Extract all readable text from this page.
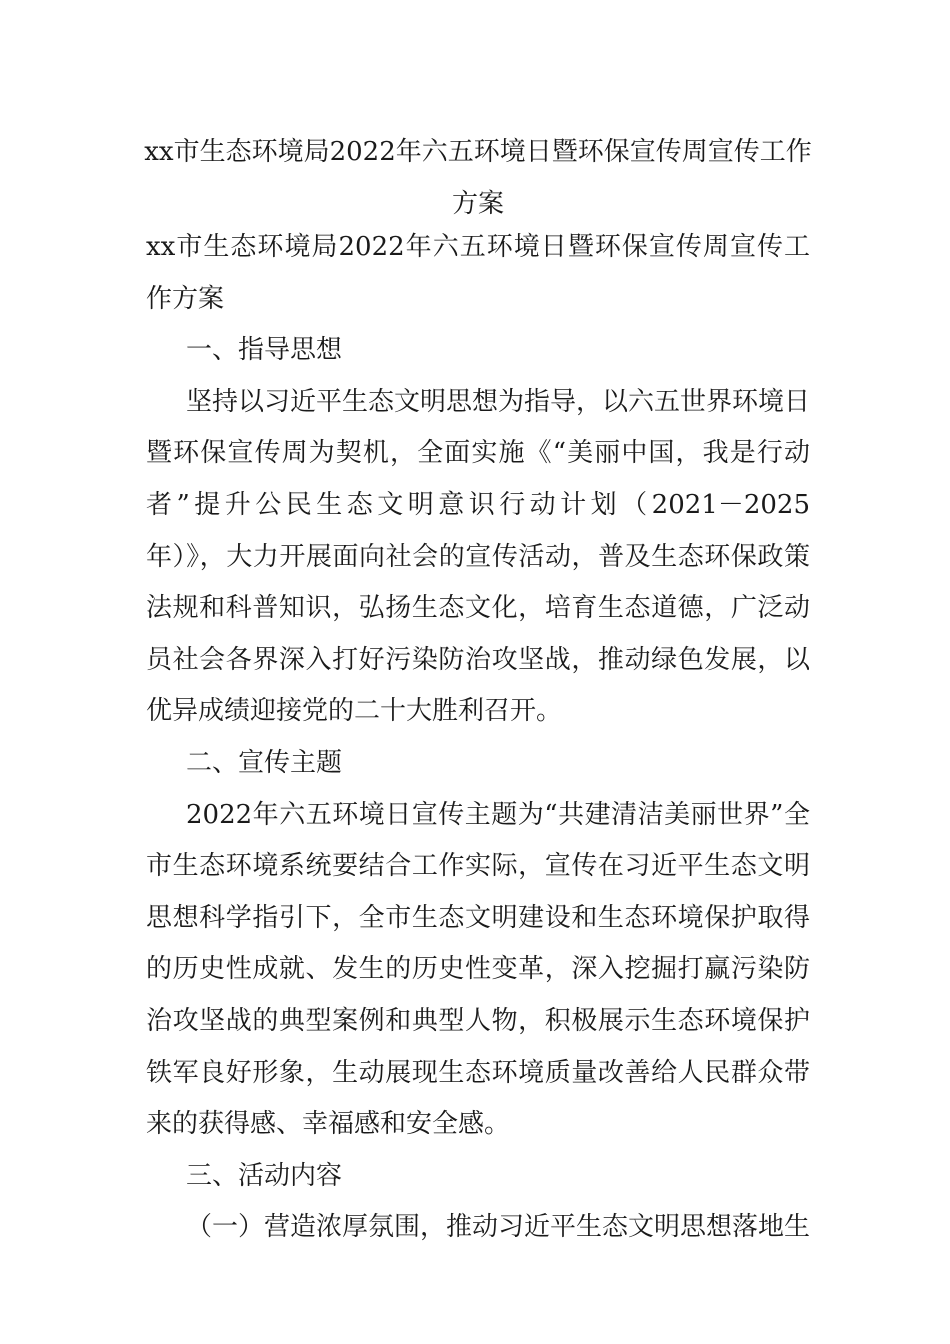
xx市生态环境局2022年六五环境日暨环保宣传周宣传工作方案

xx市生态环境局2022年六五环境日暨环保宣传周宣传工作方案

一、指导思想

坚持以习近平生态文明思想为指导，以六五世界环境日暨环保宣传周为契机，全面实施《“美丽中国，我是行动者”提升公民生态文明意识行动计划（2021－2025年）》，大力开展面向社会的宣传活动，普及生态环保政策法规和科普知识，弘扬生态文化，培育生态道德，广泛动员社会各界深入打好污染防治攻坚战，推动绿色发展，以优异成绩迎接党的二十大胜利召开。

二、宣传主题

2022年六五环境日宣传主题为“共建清洁美丽世界”全市生态环境系统要结合工作实际，宣传在习近平生态文明思想科学指引下，全市生态文明建设和生态环境保护取得的历史性成就、发生的历史性变革，深入挖掘打赢污染防治攻坚战的典型案例和典型人物，积极展示生态环境保护铁军良好形象，生动展现生态环境质量改善给人民群众带来的获得感、幸福感和安全感。

三、活动内容

（一）营造浓厚氛围，推动习近平生态文明思想落地生
